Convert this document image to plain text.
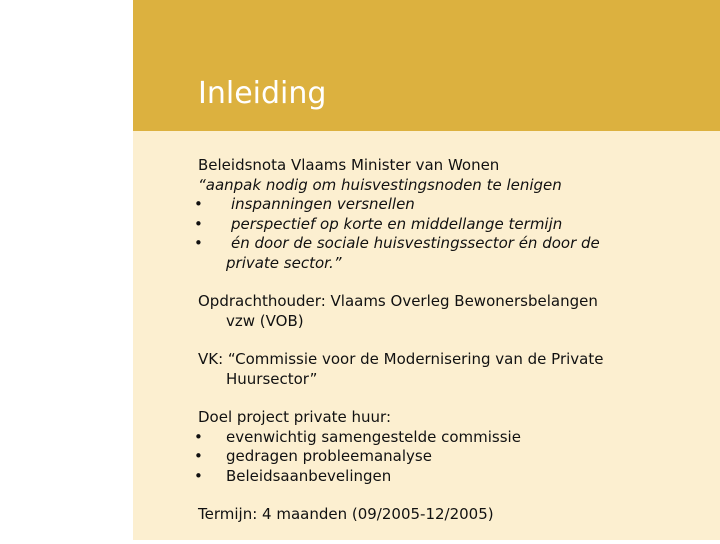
Inleiding

Beleidsnota Vlaams Minister van Wonen

“aanpak nodig om huisvestingsnoden te lenigen

•	inspanningen versnellen

•	perspectief op korte en middellange termijn

•	én door de sociale huisvestingssector én door de

private sector.”

Opdrachthouder: Vlaams Overleg Bewonersbelangen

vzw (VOB)

VK: “Commissie voor de Modernisering van de Private

Huursector”

Doel project private huur:

•	evenwichtig samengestelde commissie

•	gedragen probleemanalyse

•	Beleidsaanbevelingen

Termijn: 4 maanden (09/2005-12/2005)
